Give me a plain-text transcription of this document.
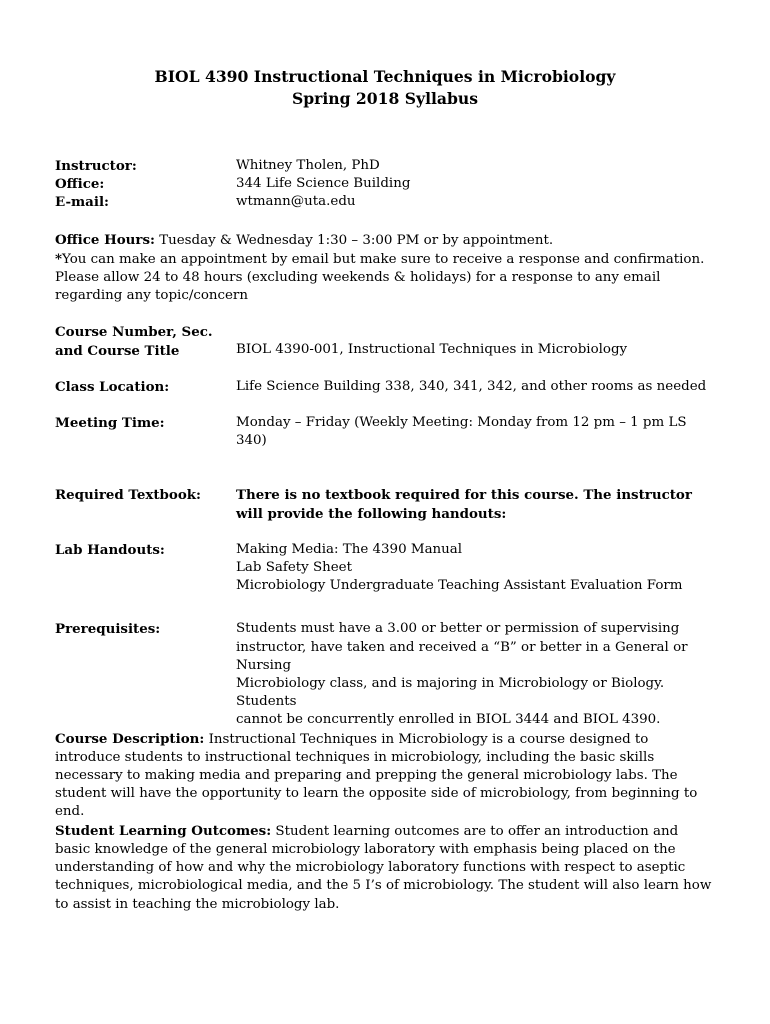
BIOL 4390 Instructional Techniques in Microbiology

Spring 2018 Syllabus

Instructor:	Whitney Tholen, PhD
Office:	344 Life Science Building
E-mail:	wtmann@uta.edu

Office Hours: Tuesday & Wednesday 1:30 – 3:00 PM or by appointment.

*You can make an appointment by email but make sure to receive a response and confirmation.

Please allow 24 to 48 hours (excluding weekends & holidays) for a response to any email regarding any topic/concern

Course Number, Sec.
and Course Title	BIOL 4390-001, Instructional Techniques in Microbiology
Class Location:	Life Science Building 338, 340, 341, 342, and other rooms as needed
Meeting Time:	Monday – Friday (Weekly Meeting: Monday from 12 pm – 1 pm LS 340)
Required Textbook:	There is no textbook required for this course. The instructor
will provide the following handouts:
Lab Handouts:	Making Media: The 4390 Manual
Lab Safety Sheet
Microbiology Undergraduate Teaching Assistant Evaluation Form
Prerequisites:	Students must have a 3.00 or better or permission of supervising
instructor, have taken and received a “B” or better in a General or Nursing
Microbiology class, and is majoring in Microbiology or Biology. Students
cannot be concurrently enrolled in BIOL 3444 and BIOL 4390.

Course Description: Instructional Techniques in Microbiology is a course designed to introduce students to instructional techniques in microbiology, including the basic skills necessary to making media and preparing and prepping the general microbiology labs. The student will have the opportunity to learn the opposite side of microbiology, from beginning to end.

Student Learning Outcomes: Student learning outcomes are to offer an introduction and basic knowledge of the general microbiology laboratory with emphasis being placed on the understanding of how and why the microbiology laboratory functions with respect to aseptic techniques, microbiological media, and the 5 I’s of microbiology. The student will also learn how to assist in teaching the microbiology lab.
